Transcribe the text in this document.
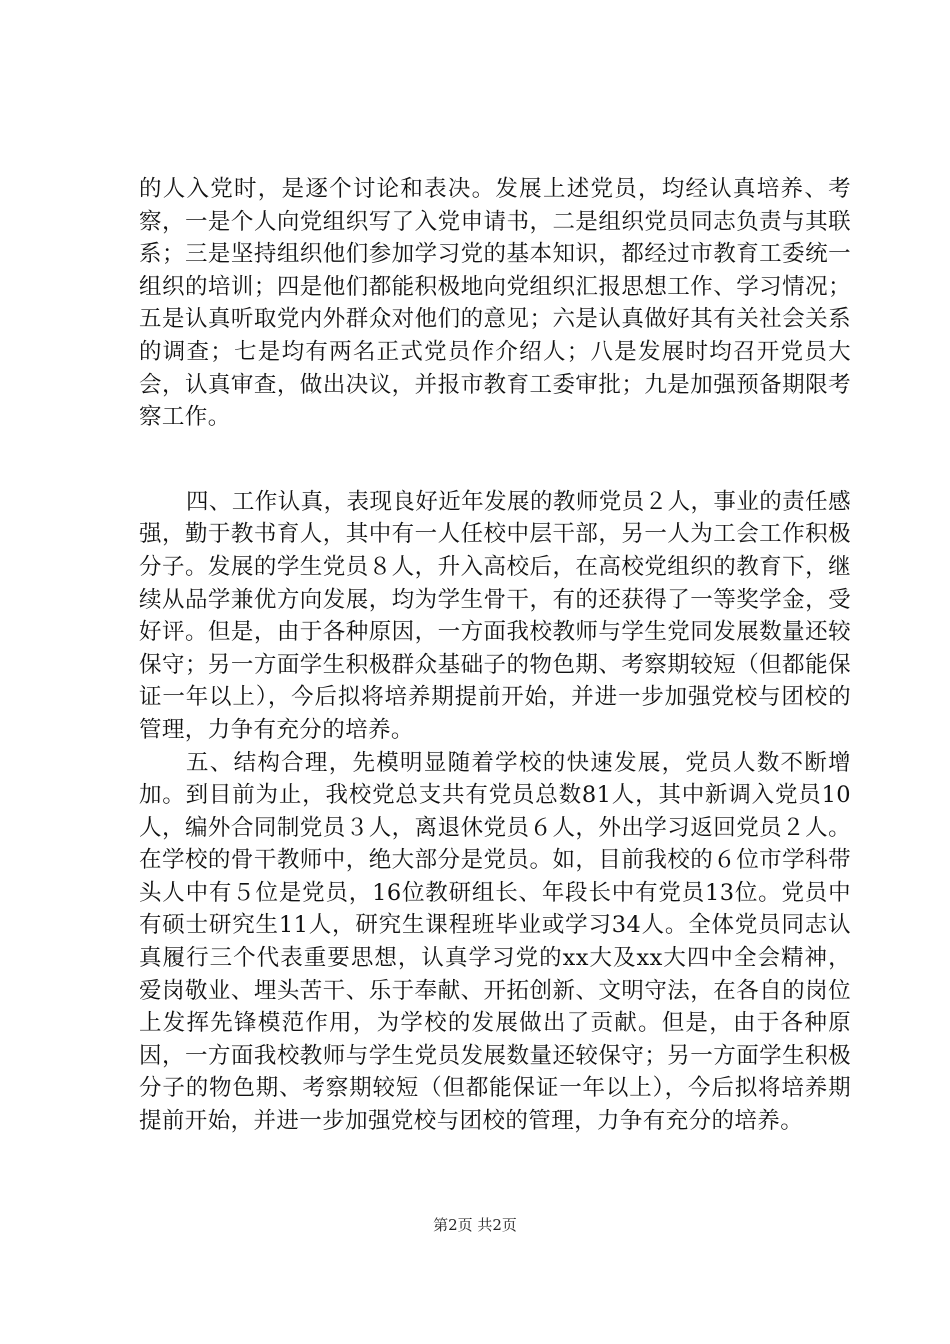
的人入党时，是逐个讨论和表决。发展上述党员，均经认真培养、考察，一是个人向党组织写了入党申请书，二是组织党员同志负责与其联系；三是坚持组织他们参加学习党的基本知识，都经过市教育工委统一组织的培训；四是他们都能积极地向党组织汇报思想工作、学习情况；五是认真听取党内外群众对他们的意见；六是认真做好其有关社会关系的调查；七是均有两名正式党员作介绍人；八是发展时均召开党员大会，认真审查，做出决议，并报市教育工委审批；九是加强预备期限考察工作。

四、工作认真，表现良好近年发展的教师党员２人，事业的责任感强，勤于教书育人，其中有一人任校中层干部，另一人为工会工作积极分子。发展的学生党员８人，升入高校后，在高校党组织的教育下，继续从品学兼优方向发展，均为学生骨干，有的还获得了一等奖学金，受好评。但是，由于各种原因，一方面我校教师与学生党同发展数量还较保守；另一方面学生积极群众基础子的物色期、考察期较短（但都能保证一年以上），今后拟将培养期提前开始，并进一步加强党校与团校的管理，力争有充分的培养。

五、结构合理，先模明显随着学校的快速发展，党员人数不断增加。到目前为止，我校党总支共有党员总数81人，其中新调入党员10人，编外合同制党员３人，离退休党员６人，外出学习返回党员２人。在学校的骨干教师中，绝大部分是党员。如，目前我校的６位市学科带头人中有５位是党员，16位教研组长、年段长中有党员13位。党员中有硕士研究生11人，研究生课程班毕业或学习34人。全体党员同志认真履行三个代表重要思想，认真学习党的xx大及xx大四中全会精神，爱岗敬业、埋头苦干、乐于奉献、开拓创新、文明守法，在各自的岗位上发挥先锋模范作用，为学校的发展做出了贡献。但是，由于各种原因，一方面我校教师与学生党员发展数量还较保守；另一方面学生积极分子的物色期、考察期较短（但都能保证一年以上），今后拟将培养期提前开始，并进一步加强党校与团校的管理，力争有充分的培养。

第2页 共2页
